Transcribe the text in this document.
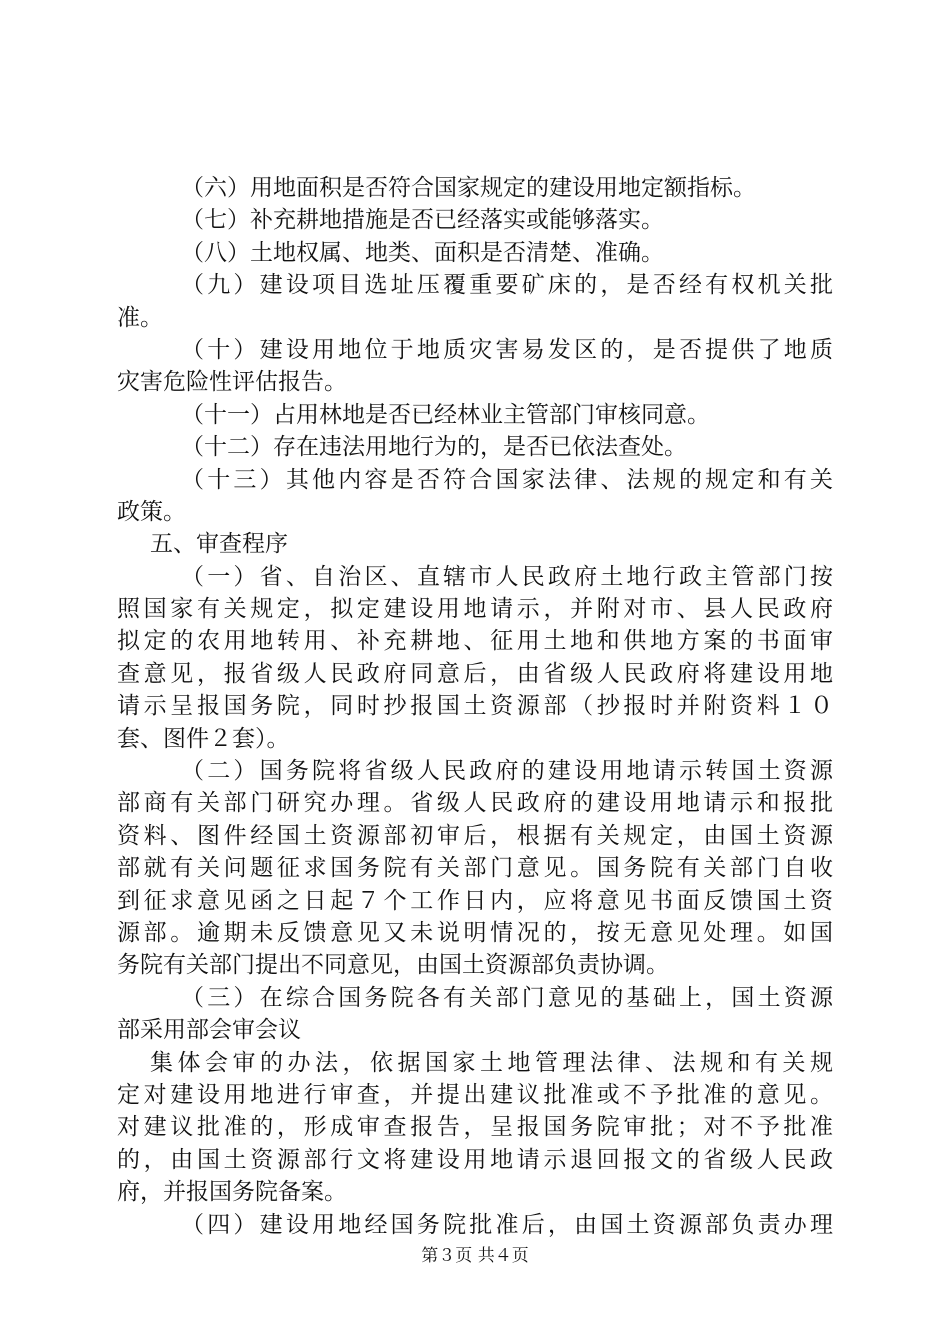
（六）用地面积是否符合国家规定的建设用地定额指标。
（七）补充耕地措施是否已经落实或能够落实。
（八）土地权属、地类、面积是否清楚、准确。
（九）建设项目选址压覆重要矿床的，是否经有权机关批
准。
（十）建设用地位于地质灾害易发区的，是否提供了地质
灾害危险性评估报告。
（十一）占用林地是否已经林业主管部门审核同意。
（十二）存在违法用地行为的，是否已依法查处。
（十三）其他内容是否符合国家法律、法规的规定和有关
政策。
五、审查程序
（一）省、自治区、直辖市人民政府土地行政主管部门按
照国家有关规定，拟定建设用地请示，并附对市、县人民政府
拟定的农用地转用、补充耕地、征用土地和供地方案的书面审
查意见，报省级人民政府同意后，由省级人民政府将建设用地
请示呈报国务院，同时抄报国土资源部（抄报时并附资料１０
套、图件２套）。
（二）国务院将省级人民政府的建设用地请示转国土资源
部商有关部门研究办理。省级人民政府的建设用地请示和报批
资料、图件经国土资源部初审后，根据有关规定，由国土资源
部就有关问题征求国务院有关部门意见。国务院有关部门自收
到征求意见函之日起７个工作日内，应将意见书面反馈国土资
源部。逾期未反馈意见又未说明情况的，按无意见处理。如国
务院有关部门提出不同意见，由国土资源部负责协调。
（三）在综合国务院各有关部门意见的基础上，国土资源
部采用部会审会议
集体会审的办法，依据国家土地管理法律、法规和有关规
定对建设用地进行审查，并提出建议批准或不予批准的意见。
对建议批准的，形成审查报告，呈报国务院审批；对不予批准
的，由国土资源部行文将建设用地请示退回报文的省级人民政
府，并报国务院备案。
（四）建设用地经国务院批准后，由国土资源部负责办理
第３页 共４页
